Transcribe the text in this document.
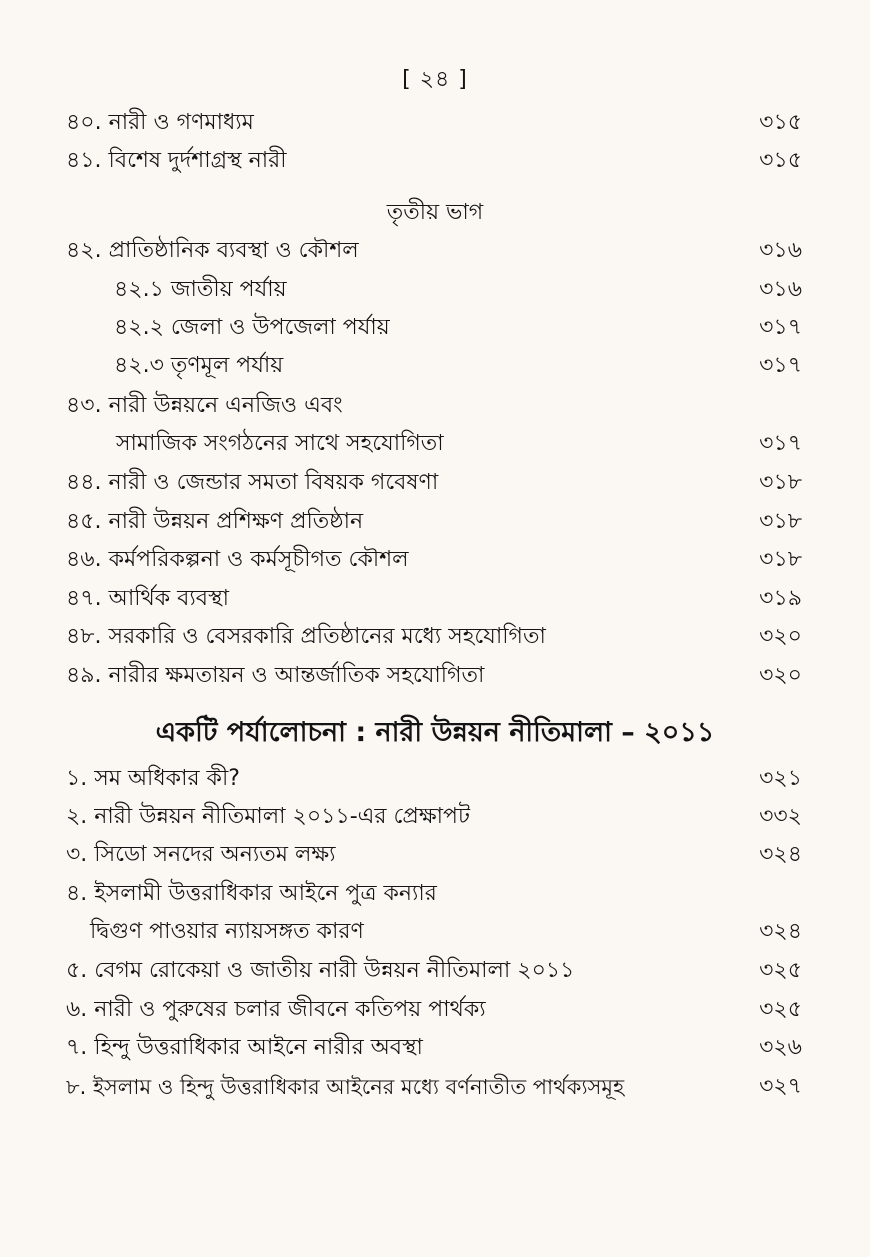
[ ২৪ ]
৪০. নারী ও গণমাধ্যম	৩১৫
৪১. বিশেষ দুর্দশাগ্রস্থ নারী	৩১৫
তৃতীয় ভাগ
৪২. প্রাতিষ্ঠানিক ব্যবস্থা ও কৌশল	৩১৬
৪২.১ জাতীয় পর্যায়	৩১৬
৪২.২ জেলা ও উপজেলা পর্যায়	৩১৭
৪২.৩ তৃণমূল পর্যায়	৩১৭
৪৩. নারী উন্নয়নে এনজিও এবং
সামাজিক সংগঠনের সাথে সহযোগিতা	৩১৭
৪৪. নারী ও জেন্ডার সমতা বিষয়ক গবেষণা	৩১৮
৪৫. নারী উন্নয়ন প্রশিক্ষণ প্রতিষ্ঠান	৩১৮
৪৬. কর্মপরিকল্পনা ও কর্মসূচীগত কৌশল	৩১৮
৪৭. আর্থিক ব্যবস্থা	৩১৯
৪৮. সরকারি ও বেসরকারি প্রতিষ্ঠানের মধ্যে সহযোগিতা	৩২০
৪৯. নারীর ক্ষমতায়ন ও আন্তর্জাতিক সহযোগিতা	৩২০
একটি পর্যালোচনা : নারী উন্নয়ন নীতিমালা – ২০১১
১. সম অধিকার কী?	৩২১
২. নারী উন্নয়ন নীতিমালা ২০১১-এর প্রেক্ষাপট	৩৩২
৩. সিডো সনদের অন্যতম লক্ষ্য	৩২৪
৪. ইসলামী উত্তরাধিকার আইনে পুত্র কন্যার
দ্বিগুণ পাওয়ার ন্যায়সঙ্গত কারণ	৩২৪
৫. বেগম রোকেয়া ও জাতীয় নারী উন্নয়ন নীতিমালা ২০১১	৩২৫
৬. নারী ও পুরুষের চলার জীবনে কতিপয় পার্থক্য	৩২৫
৭. হিন্দু উত্তরাধিকার আইনে নারীর অবস্থা	৩২৬
৮. ইসলাম ও হিন্দু উত্তরাধিকার আইনের মধ্যে বর্ণনাতীত পার্থক্যসমূহ	৩২৭
